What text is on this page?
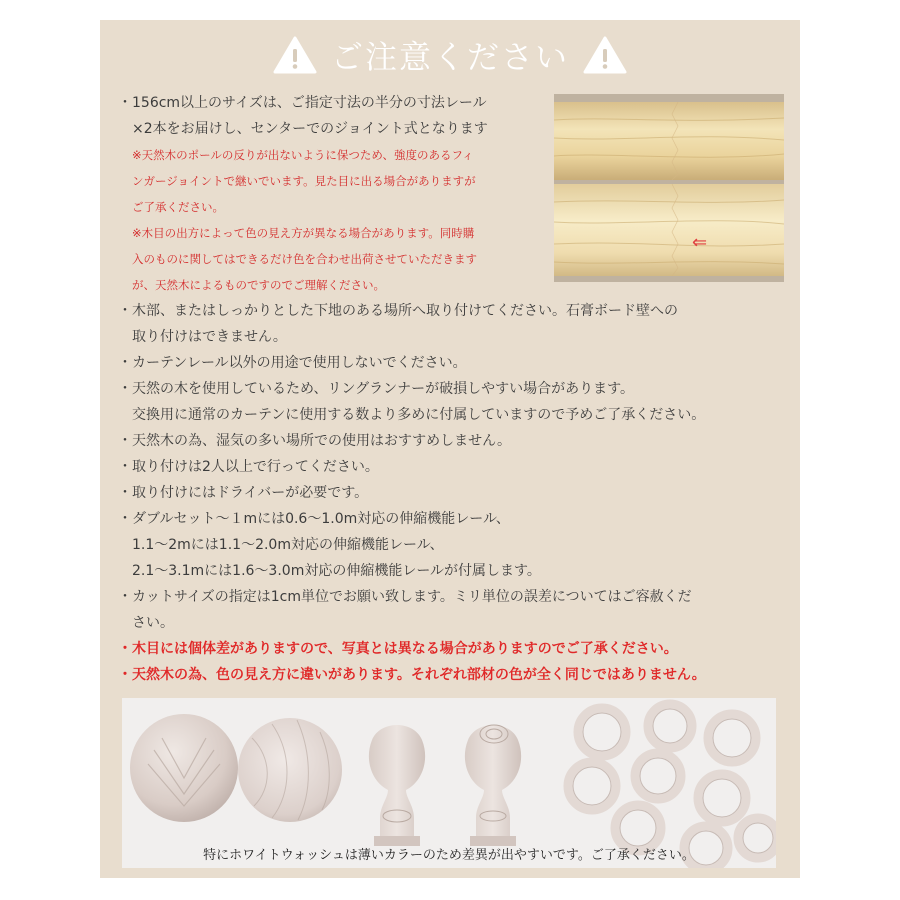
ご注意ください

・156cm以上のサイズは、ご指定寸法の半分の寸法レール

×2本をお届けし、センターでのジョイント式となります

※天然木のポールの反りが出ないように保つため、強度のあるフィ

ンガージョイントで継いでいます。見た目に出る場合がありますが

ご了承ください。

※木目の出方によって色の見え方が異なる場合があります。同時購

入のものに関してはできるだけ色を合わせ出荷させていただきます

が、天然木によるものですのでご理解ください。

・木部、またはしっかりとした下地のある場所へ取り付けてください。石膏ボード壁への

取り付けはできません。

・カーテンレール以外の用途で使用しないでください。

・天然の木を使用しているため、リングランナーが破損しやすい場合があります。

交換用に通常のカーテンに使用する数より多めに付属していますので予めご了承ください。

・天然木の為、湿気の多い場所での使用はおすすめしません。

・取り付けは2人以上で行ってください。

・取り付けにはドライバーが必要です。

・ダブルセット～１mには0.6～1.0m対応の伸縮機能レール、

1.1～2mには1.1～2.0m対応の伸縮機能レール、

2.1～3.1mには1.6～3.0m対応の伸縮機能レールが付属します。

・カットサイズの指定は1cm単位でお願い致します。ミリ単位の誤差についてはご容赦くだ

さい。

・木目には個体差がありますので、写真とは異なる場合がありますのでご了承ください。

・天然木の為、色の見え方に違いがあります。それぞれ部材の色が全く同じではありません。

⇐
特にホワイトウォッシュは薄いカラーのため差異が出やすいです。ご了承ください。
